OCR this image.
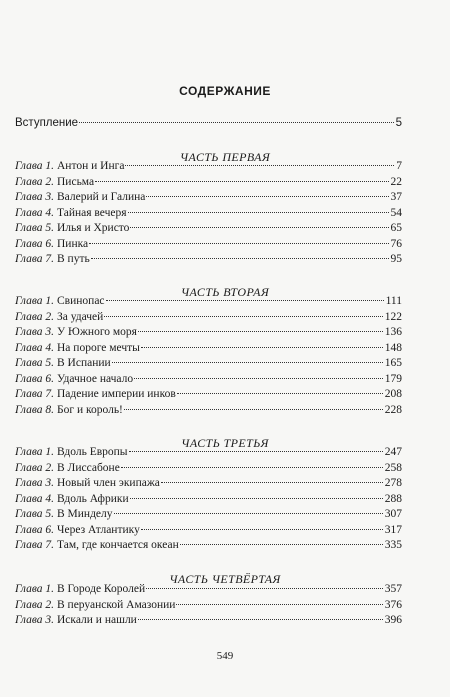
СОДЕРЖАНИЕ
Вступление	5
ЧАСТЬ ПЕРВАЯ
Глава 1. Антон и Инга	7
Глава 2. Письма	22
Глава 3. Валерий и Галина	37
Глава 4. Тайная вечеря	54
Глава 5. Илья и Христо	65
Глава 6. Пинка	76
Глава 7. В путь	95
ЧАСТЬ ВТОРАЯ
Глава 1. Свинопас	111
Глава 2. За удачей	122
Глава 3. У Южного моря	136
Глава 4. На пороге мечты	148
Глава 5. В Испании	165
Глава 6. Удачное начало	179
Глава 7. Падение империи инков	208
Глава 8. Бог и король!	228
ЧАСТЬ ТРЕТЬЯ
Глава 1. Вдоль Европы	247
Глава 2. В Лиссабоне	258
Глава 3. Новый член экипажа	278
Глава 4. Вдоль Африки	288
Глава 5. В Минделу	307
Глава 6. Через Атлантику	317
Глава 7. Там, где кончается океан	335
ЧАСТЬ ЧЕТВЁРТАЯ
Глава 1. В Городе Королей	357
Глава 2. В перуанской Амазонии	376
Глава 3. Искали и нашли	396
549
